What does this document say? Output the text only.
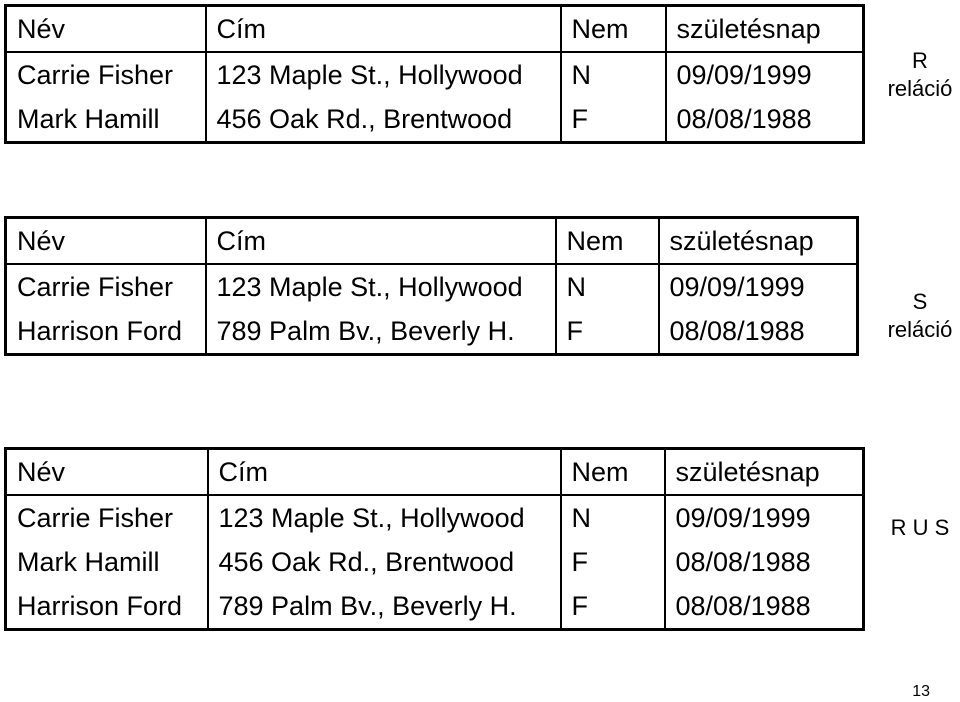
Név	Cím	Nem	születésnap
Carrie Fisher	123 Maple St., Hollywood	N	09/09/1999
Mark Hamill	456 Oak Rd., Brentwood	F	08/08/1988
R
reláció
Név	Cím	Nem	születésnap
Carrie Fisher	123 Maple St., Hollywood	N	09/09/1999
Harrison Ford	789 Palm Bv., Beverly H.	F	08/08/1988
S
reláció
Név	Cím	Nem	születésnap
Carrie Fisher	123 Maple St., Hollywood	N	09/09/1999
Mark Hamill	456 Oak Rd., Brentwood	F	08/08/1988
Harrison Ford	789 Palm Bv., Beverly H.	F	08/08/1988
R U S
13
